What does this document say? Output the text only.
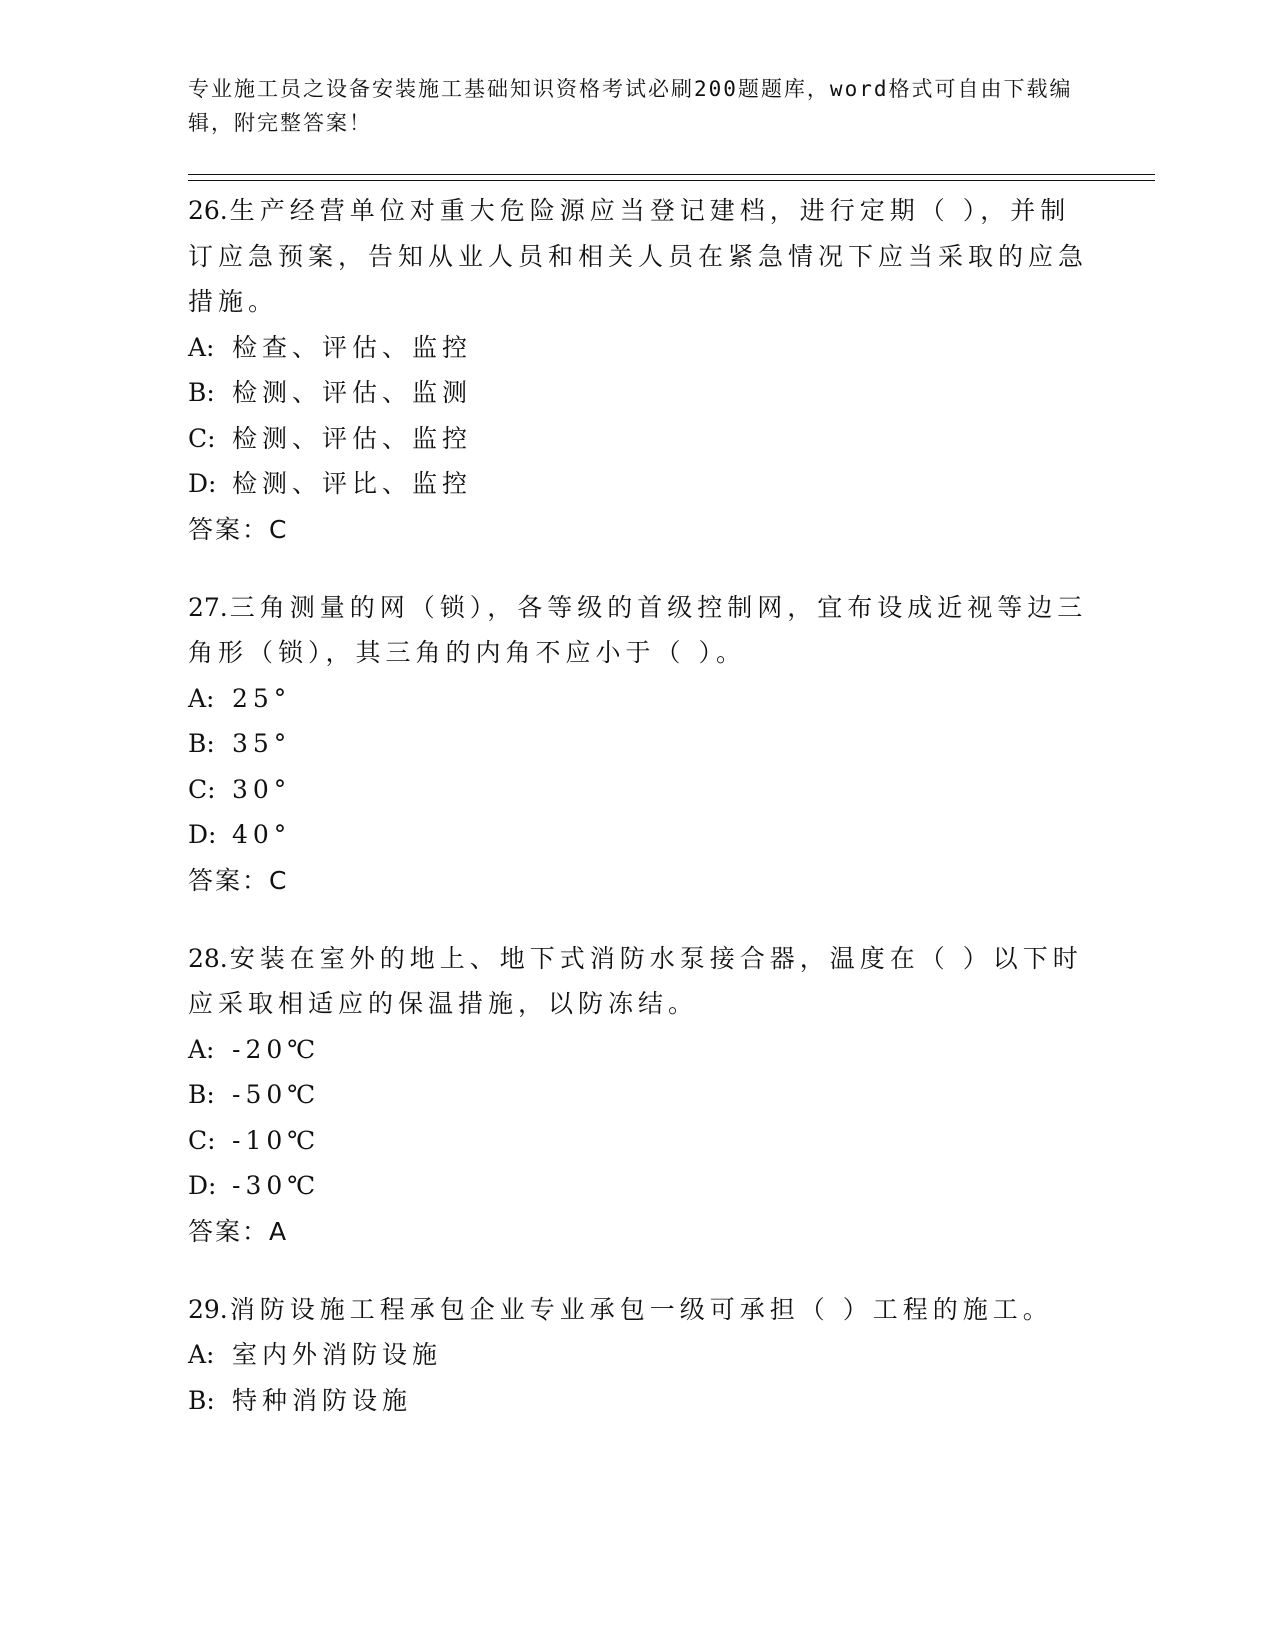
专业施工员之设备安装施工基础知识资格考试必刷200题题库，word格式可自由下载编辑，附完整答案！
26.生产经营单位对重大危险源应当登记建档，进行定期（ ），并制订应急预案，告知从业人员和相关人员在紧急情况下应当采取的应急措施。
A: 检查、评估、监控
B: 检测、评估、监测
C: 检测、评估、监控
D: 检测、评比、监控
答案：C
27.三角测量的网（锁），各等级的首级控制网，宜布设成近视等边三角形（锁），其三角的内角不应小于（ ）。
A: 25°
B: 35°
C: 30°
D: 40°
答案：C
28.安装在室外的地上、地下式消防水泵接合器，温度在（ ）以下时应采取相适应的保温措施，以防冻结。
A: -20℃
B: -50℃
C: -10℃
D: -30℃
答案：A
29.消防设施工程承包企业专业承包一级可承担（ ）工程的施工。
A: 室内外消防设施
B: 特种消防设施
